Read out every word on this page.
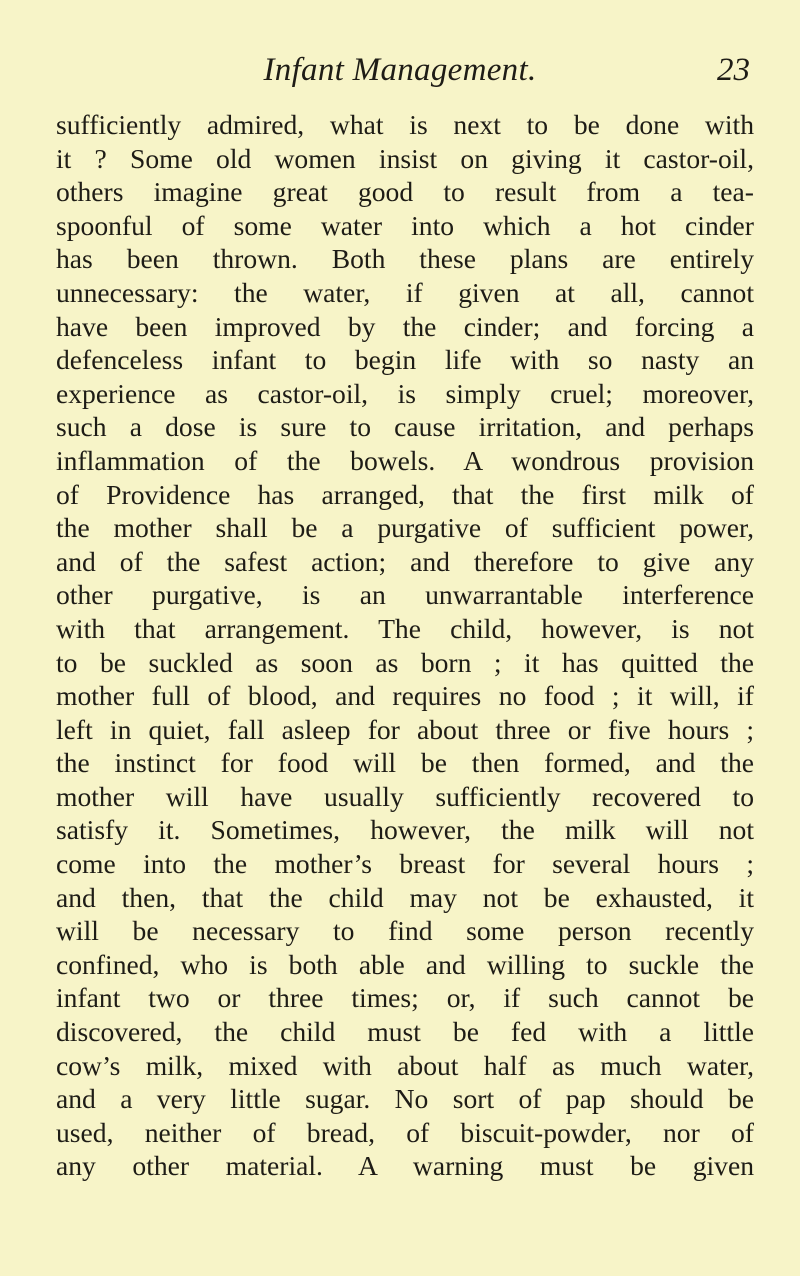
Infant Management.	23
sufficiently admired, what is next to be done with
it ? Some old women insist on giving it castor-oil,
others imagine great good to result from a tea-
spoonful of some water into which a hot cinder
has been thrown. Both these plans are entirely
unnecessary: the water, if given at all, cannot
have been improved by the cinder; and forcing a
defenceless infant to begin life with so nasty an
experience as castor-oil, is simply cruel; moreover,
such a dose is sure to cause irritation, and perhaps
inflammation of the bowels. A wondrous provision
of Providence has arranged, that the first milk of
the mother shall be a purgative of sufficient power,
and of the safest action; and therefore to give any
other purgative, is an unwarrantable interference
with that arrangement. The child, however, is not
to be suckled as soon as born ; it has quitted the
mother full of blood, and requires no food ; it will, if
left in quiet, fall asleep for about three or five hours ;
the instinct for food will be then formed, and the
mother will have usually sufficiently recovered to
satisfy it. Sometimes, however, the milk will not
come into the mother’s breast for several hours ;
and then, that the child may not be exhausted, it
will be necessary to find some person recently
confined, who is both able and willing to suckle the
infant two or three times; or, if such cannot be
discovered, the child must be fed with a little
cow’s milk, mixed with about half as much water,
and a very little sugar. No sort of pap should be
used, neither of bread, of biscuit-powder, nor of
any other material. A warning must be given
